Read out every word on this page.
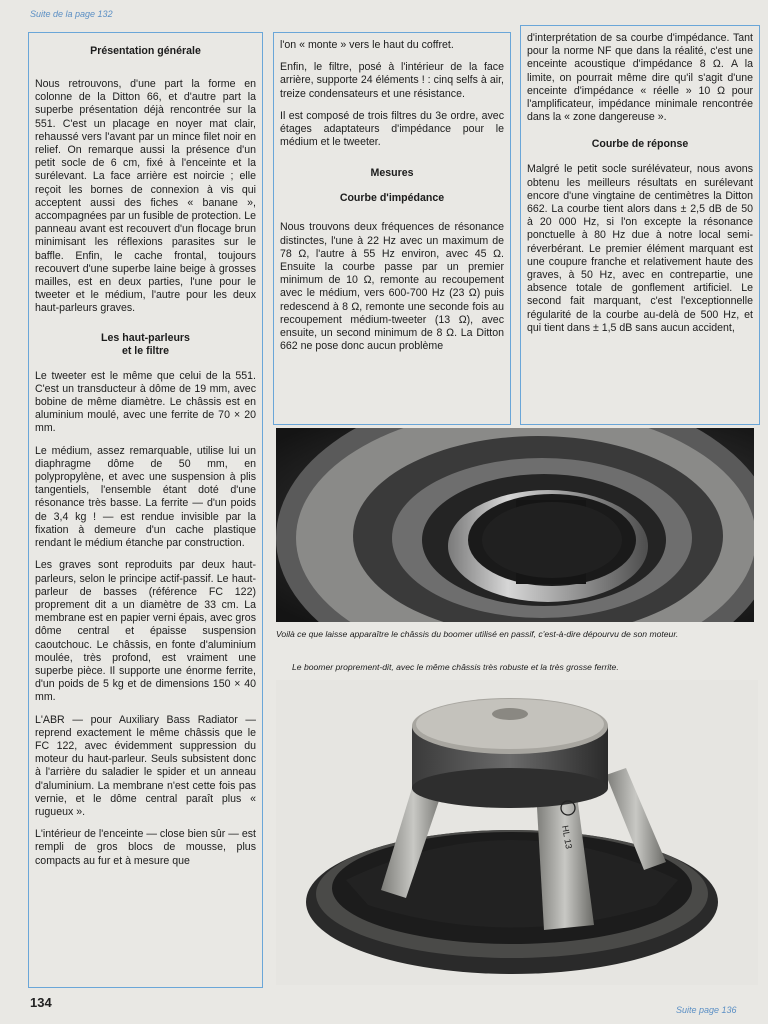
Suite de la page 132
Présentation générale

Nous retrouvons, d'une part la forme en colonne de la Ditton 66, et d'autre part la superbe présentation déjà rencontrée sur la 551. C'est un placage en noyer mat clair, rehaussé vers l'avant par un mince filet noir en relief. On remarque aussi la présence d'un petit socle de 6 cm, fixé à l'enceinte et la surélevant. La face arrière est noircie ; elle reçoit les bornes de connexion à vis qui acceptent aussi des fiches « banane », accompagnées par un fusible de protection. Le panneau avant est recouvert d'un flocage brun minimisant les réflexions parasites sur le baffle. Enfin, le cache frontal, toujours recouvert d'une superbe laine beige à grosses mailles, est en deux parties, l'une pour le tweeter et le médium, l'autre pour les deux haut-parleurs graves.

Les haut-parleurs
et le filtre

Le tweeter est le même que celui de la 551. C'est un transducteur à dôme de 19 mm, avec bobine de même diamètre. Le châssis est en aluminium moulé, avec une ferrite de 70 × 20 mm.

Le médium, assez remarquable, utilise lui un diaphragme dôme de 50 mm, en polypropylène, et avec une suspension à plis tangentiels, l'ensemble étant doté d'une résonance très basse. La ferrite — d'un poids de 3,4 kg ! — est rendue invisible par la fixation à demeure d'un cache plastique rendant le médium étanche par construction.

Les graves sont reproduits par deux haut-parleurs, selon le principe actif-passif. Le haut-parleur de basses (référence FC 122) proprement dit a un diamètre de 33 cm. La membrane est en papier verni épais, avec gros dôme central et épaisse suspension caoutchouc. Le châssis, en fonte d'aluminium moulée, très profond, est vraiment une superbe pièce. Il supporte une énorme ferrite, d'un poids de 5 kg et de dimensions 150 × 40 mm.

L'ABR — pour Auxiliary Bass Radiator — reprend exactement le même châssis que le FC 122, avec évidemment suppression du moteur du haut-parleur. Seuls subsistent donc à l'arrière du saladier le spider et un anneau d'aluminium. La membrane n'est cette fois pas vernie, et le dôme central paraît plus « rugueux ».

L'intérieur de l'enceinte — close bien sûr — est rempli de gros blocs de mousse, plus compacts au fur et à mesure que

l'on « monte » vers le haut du coffret.

Enfin, le filtre, posé à l'intérieur de la face arrière, supporte 24 éléments ! : cinq selfs à air, treize condensateurs et une résistance.

Il est composé de trois filtres du 3e ordre, avec étages adaptateurs d'impédance pour le médium et le tweeter.

Mesures
Courbe d'impédance

Nous trouvons deux fréquences de résonance distinctes, l'une à 22 Hz avec un maximum de 78 Ω, l'autre à 55 Hz environ, avec 45 Ω. Ensuite la courbe passe par un premier minimum de 10 Ω, remonte au recoupement avec le médium, vers 600-700 Hz (23 Ω) puis redescend à 8 Ω, remonte une seconde fois au recoupement médium-tweeter (13 Ω), avec ensuite, un second minimum de 8 Ω. La Ditton 662 ne pose donc aucun problème

d'interprétation de sa courbe d'impédance. Tant pour la norme NF que dans la réalité, c'est une enceinte acoustique d'impédance 8 Ω. A la limite, on pourrait même dire qu'il s'agit d'une enceinte d'impédance « réelle » 10 Ω pour l'amplificateur, impédance minimale rencontrée dans la « zone dangereuse ».

Courbe de réponse

Malgré le petit socle surélévateur, nous avons obtenu les meilleurs résultats en surélevant encore d'une vingtaine de centimètres la Ditton 662. La courbe tient alors dans ± 2,5 dB de 50 à 20 000 Hz, si l'on excepte la résonance ponctuelle à 80 Hz due à notre local semi-réverbérant. Le premier élément marquant est une coupure franche et relativement haute des graves, à 50 Hz, avec en contrepartie, une absence totale de gonflement artificiel. Le second fait marquant, c'est l'exceptionnelle régularité de la courbe au-delà de 500 Hz, et qui tient dans ± 1,5 dB sans aucun accident,

Voilà ce que laisse apparaître le châssis du boomer utilisé en passif, c'est-à-dire dépourvu de son moteur.
Le boomer proprement-dit, avec le même châssis très robuste et la très grosse ferrite.
HL 13
134	Suite page 136
